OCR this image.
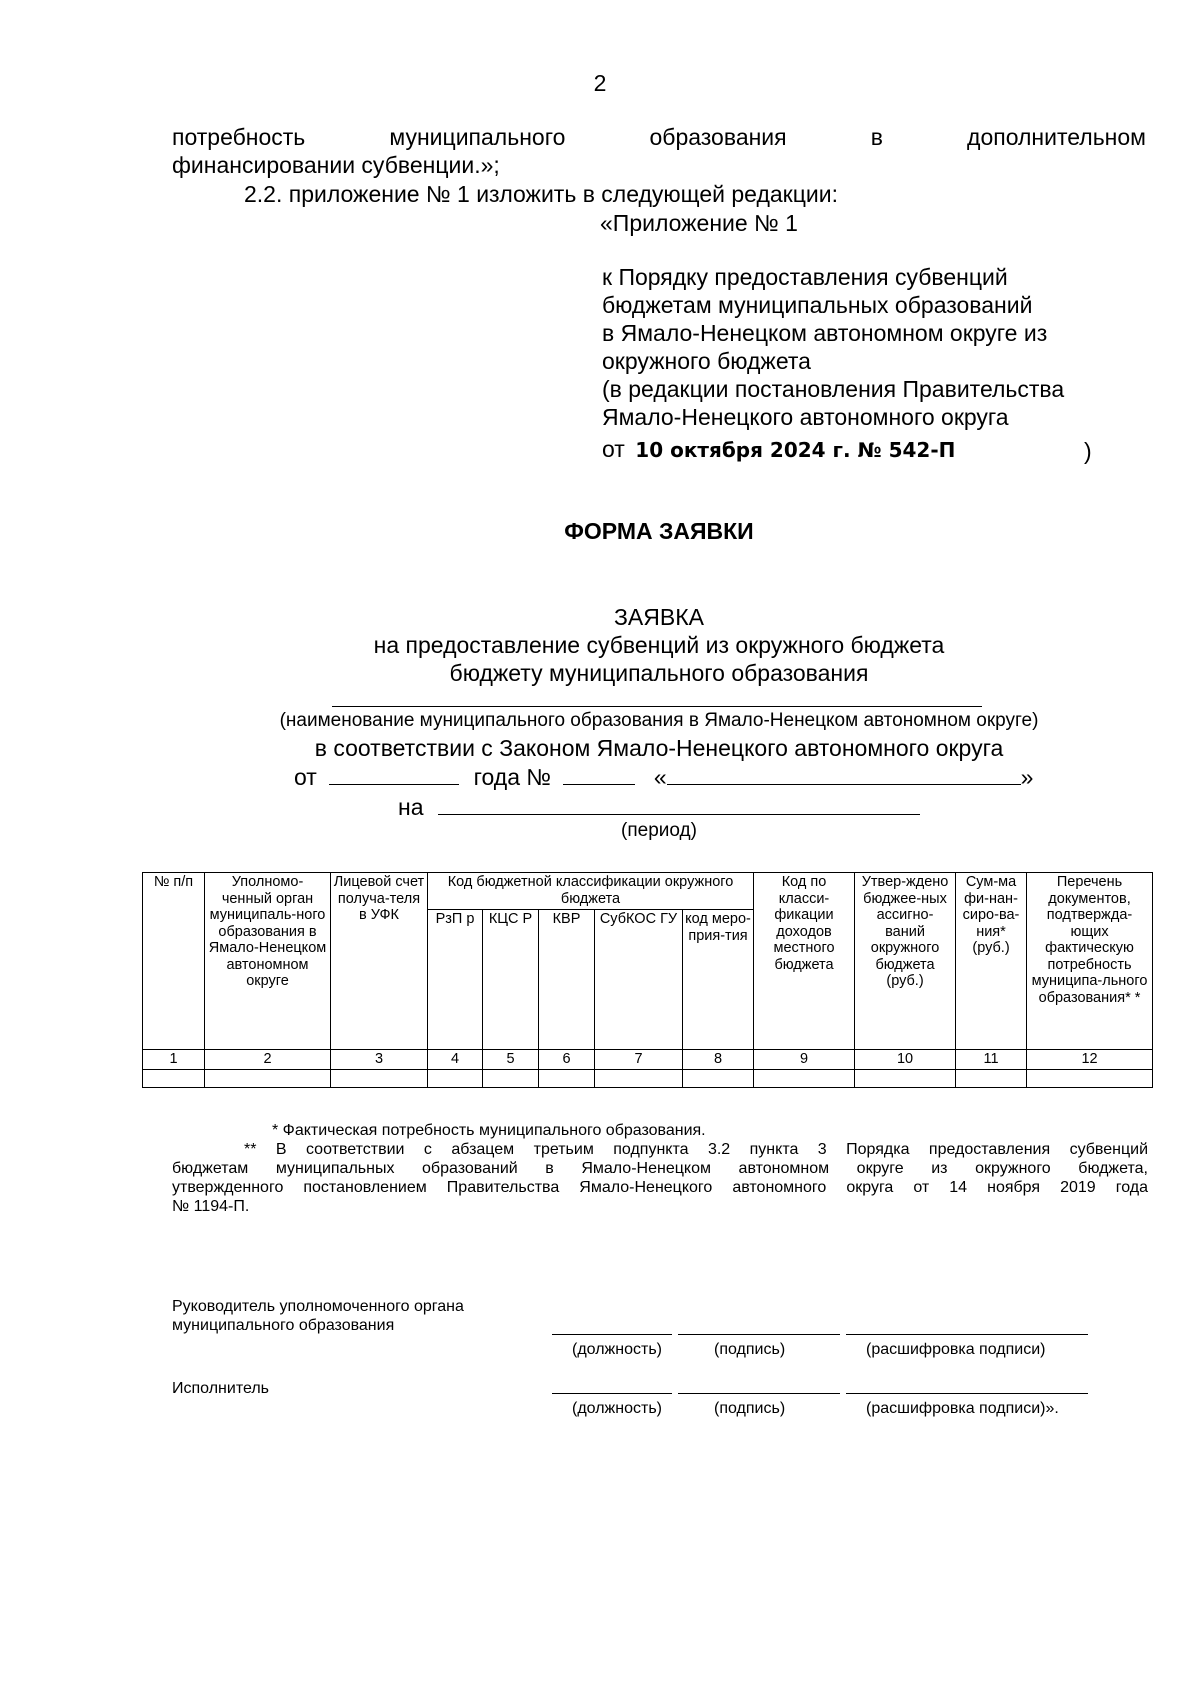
2
потребность	муниципального	образования	в	дополнительном
финансировании субвенции.»;
2.2. приложение № 1 изложить в следующей редакции:
«Приложение № 1
к Порядку предоставления субвенций
бюджетам муниципальных образований
в Ямало-Ненецком автономном округе из
окружного бюджета
(в редакции постановления Правительства
Ямало-Ненецкого автономного округа
от 10 октября 2024 г. № 542-П	)
ФОРМА ЗАЯВКИ
ЗАЯВКА
на предоставление субвенций из окружного бюджета
бюджету муниципального образования
(наименование муниципального образования в Ямало-Ненецком автономном округе)
в соответствии с Законом Ямало-Ненецкого автономного округа
от	года №	«	»
на
(период)
№ п/п	Уполномо-ченный орган муниципаль-ного образования в Ямало-Ненецком автономном округе	Лицевой счет получа-теля в УФК	Код бюджетной классификации окружного бюджета					Код по класси-фикации доходов местного бюджета	Утвер-ждено бюджее-ных ассигно-ваний окружного бюджета (руб.)	Сум-ма фи-нан-сиро-ва-ния* (руб.)	Перечень документов, подтвержда-ющих фактическую потребность муниципа-льного образования* *
			РзП р	КЦС Р	КВР	СубКОС ГУ	код меро-прия-тия				
1	2	3	4	5	6	7	8	9	10	11	12

* Фактическая потребность муниципального образования.
** В соответствии с абзацем третьим подпункта 3.2 пункта 3 Порядка предоставления субвенций
бюджетам муниципальных образований в Ямало-Ненецком автономном округе из окружного бюджета,
утвержденного постановлением Правительства Ямало-Ненецкого автономного округа от 14 ноября 2019 года
№ 1194-П.
Руководитель уполномоченного органа
муниципального образования
(должность)	(подпись)	(расшифровка подписи)
Исполнитель
(должность)	(подпись)	(расшифровка подписи)».
